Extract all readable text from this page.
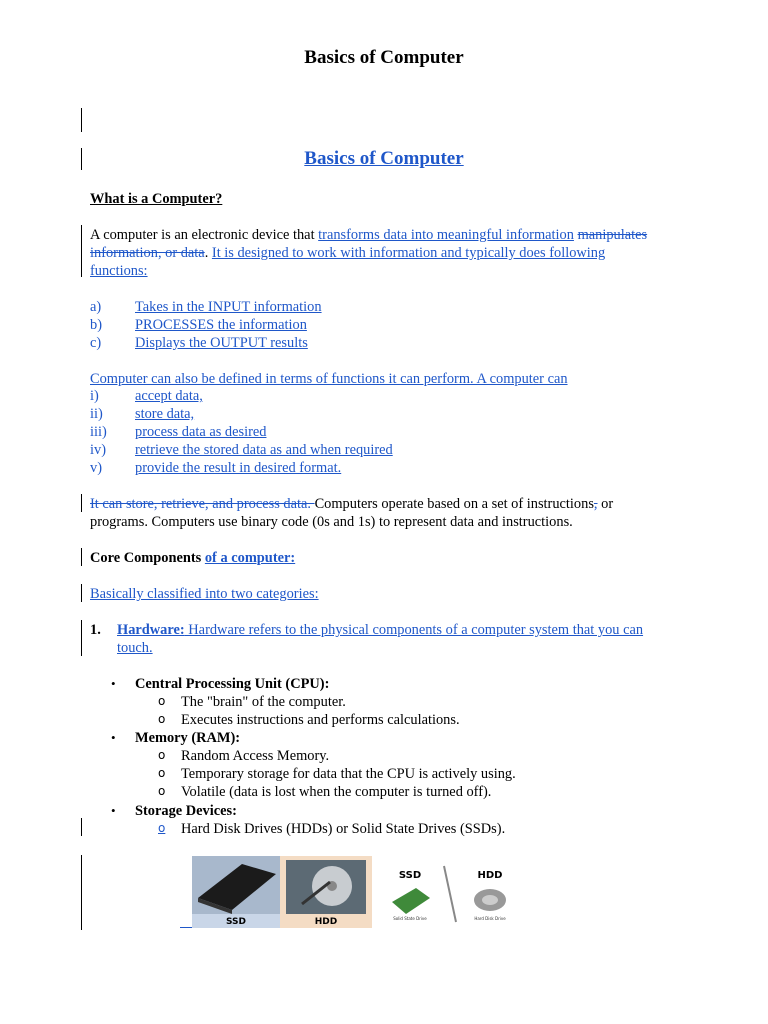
Basics of Computer
Basics of Computer
What is a Computer?
A computer is an electronic device that transforms data into meaningful information manipulates
information, or data. It is designed to work with information and typically does following
functions:
a) Takes in the INPUT information
b) PROCESSES the information
c) Displays the OUTPUT results
Computer can also be defined in terms of functions it can perform. A computer can
i)	accept data,
ii) store data,
iii) process data as desired
iv) retrieve the stored data as and when required
v) provide the result in desired format.
It can store, retrieve, and process data. Computers operate based on a set of instructions, or
programs. Computers use binary code (0s and 1s) to represent data and instructions.
Core Components of a computer:
Basically classified into two categories:
1. Hardware: Hardware refers to the physical components of a computer system that you can
touch.
• Central Processing Unit (CPU):
o The "brain" of the computer.
o Executes instructions and performs calculations.
• Memory (RAM):
o Random Access Memory.
o Temporary storage for data that the CPU is actively using.
o Volatile (data is lost when the computer is turned off).
• Storage Devices:
o Hard Disk Drives (HDDs) or Solid State Drives (SSDs).
SSD	HDD
SSD	HDD
Solid State Drive	Hard Disk Drive
